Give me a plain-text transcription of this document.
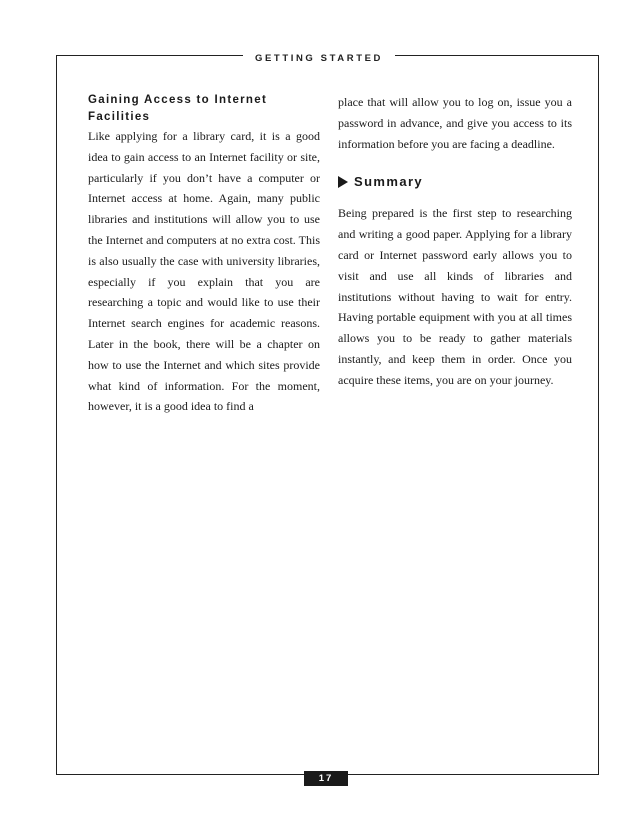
GETTING STARTED
Gaining Access to Internet Facilities

Like applying for a library card, it is a good idea to gain access to an Internet facility or site, particularly if you don’t have a computer or Internet access at home. Again, many public libraries and institutions will allow you to use the Internet and computers at no extra cost. This is also usually the case with university libraries, especially if you explain that you are researching a topic and would like to use their Internet search engines for academic reasons. Later in the book, there will be a chapter on how to use the Internet and which sites provide what kind of information. For the moment, however, it is a good idea to find a

place that will allow you to log on, issue you a password in advance, and give you access to its information before you are facing a deadline.

Summary

Being prepared is the first step to researching and writing a good paper. Applying for a library card or Internet password early allows you to visit and use all kinds of libraries and institutions without having to wait for entry. Having portable equipment with you at all times allows you to be ready to gather materials instantly, and keep them in order. Once you acquire these items, you are on your journey.

17
